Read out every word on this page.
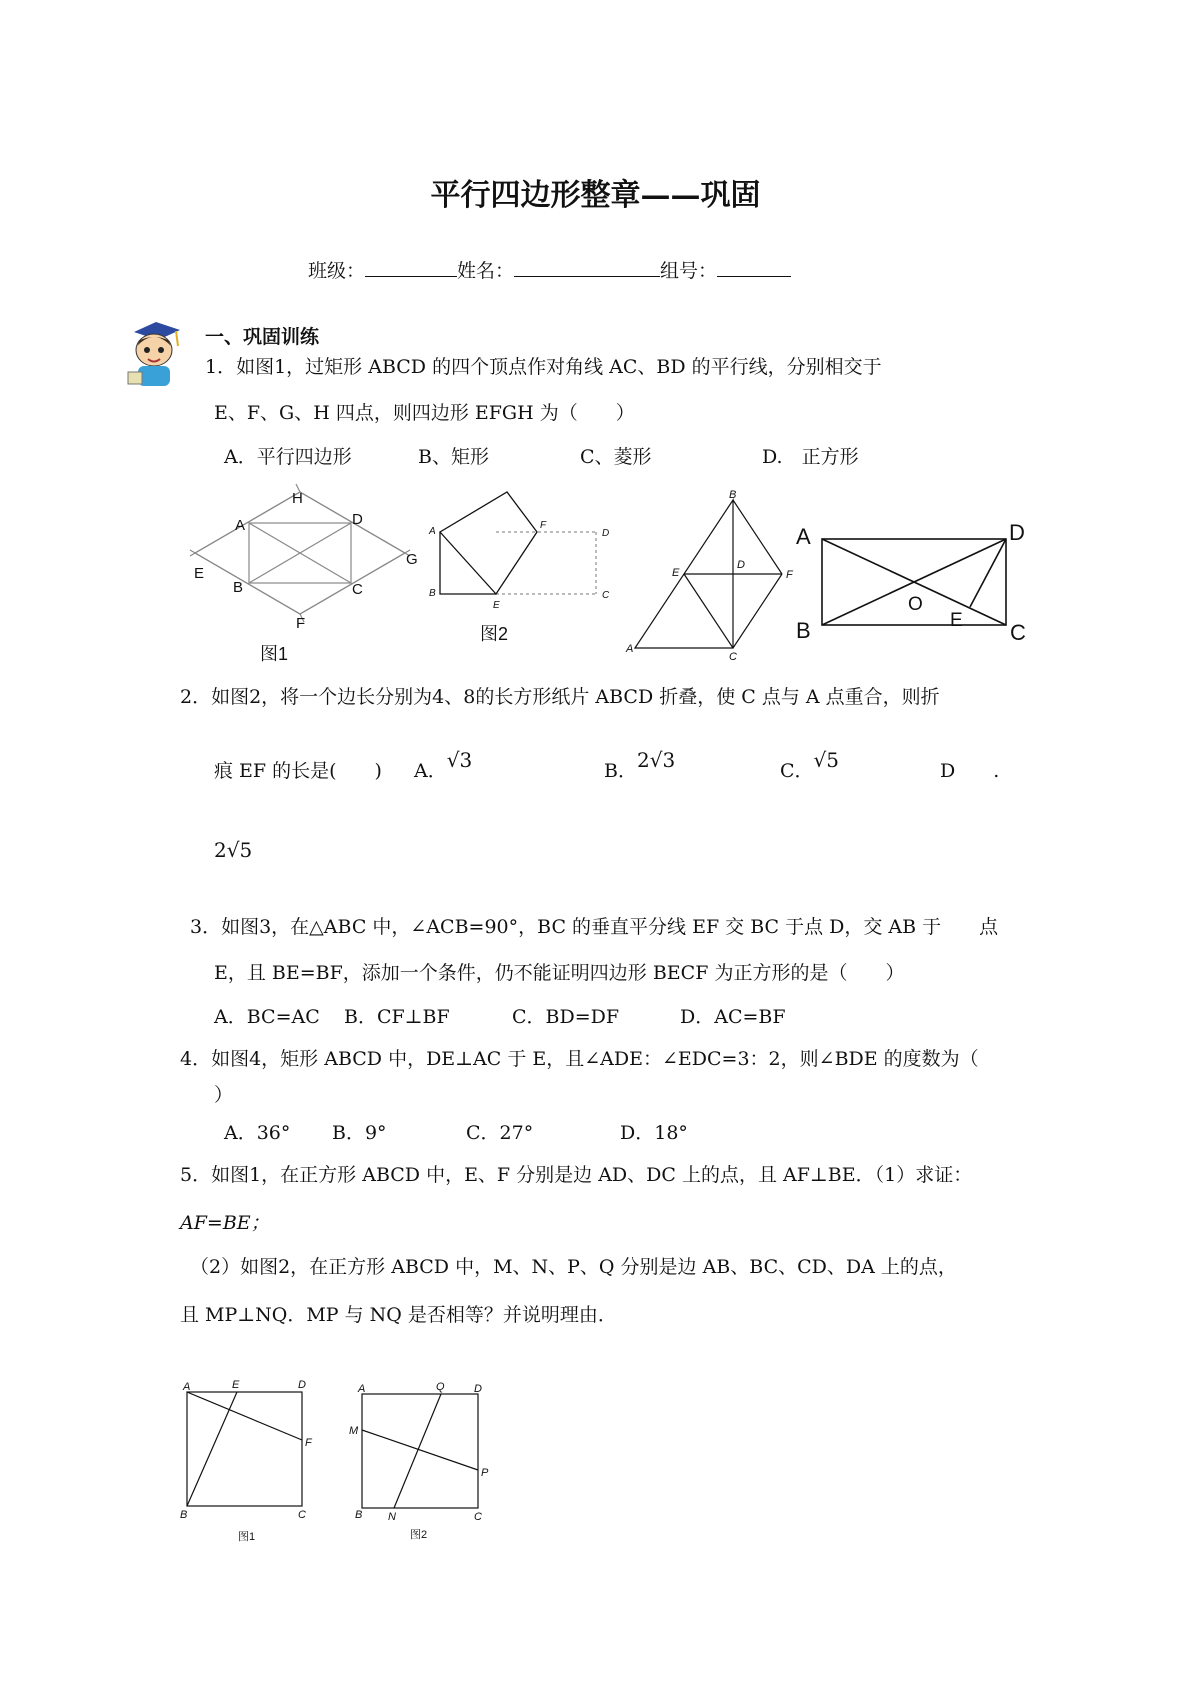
平行四边形整章——巩固
班级：	姓名：	组号：
一、巩固训练
1．如图1，过矩形 ABCD 的四个顶点作对角线 AC、BD 的平行线，分别相交于
E、F、G、H 四点，则四边形 EFGH 为（　　）
A．平行四边形	B、矩形	C、菱形	D.　正方形
A	D
B	C
E
F
G
H
图1
A
B	C
D
E
F
图2
B
A
C
D
E	F
A	D
B	C
O
E
2．如图2，将一个边长分别为4、8的长方形纸片 ABCD 折叠，使 C 点与 A 点重合，则折
痕 EF 的长是(　　) A．√3	B．2√3	C．√5	D　　.
2√5
3．如图3，在△ABC 中，∠ACB=90°，BC 的垂直平分线 EF 交 BC 于点 D，交 AB 于　　点
E，且 BE=BF，添加一个条件，仍不能证明四边形 BECF 为正方形的是（　　）
A．BC=AC B．CF⊥BF	C．BD=DF	D．AC=BF
4．如图4，矩形 ABCD 中，DE⊥AC 于 E，且∠ADE：∠EDC=3：2，则∠BDE 的度数为（
）
A．36° B．9°	C．27°	D．18°
5．如图1，在正方形 ABCD 中，E、F 分别是边 AD、DC 上的点，且 AF⊥BE．（1）求证：
AF=BE；
（2）如图2，在正方形 ABCD 中，M、N、P、Q 分别是边 AB、BC、CD、DA 上的点，
且 MP⊥NQ．MP 与 NQ 是否相等？并说明理由．
A	E	D
F
B	C
图1
A	Q	D
M
P
B N	C
图2
